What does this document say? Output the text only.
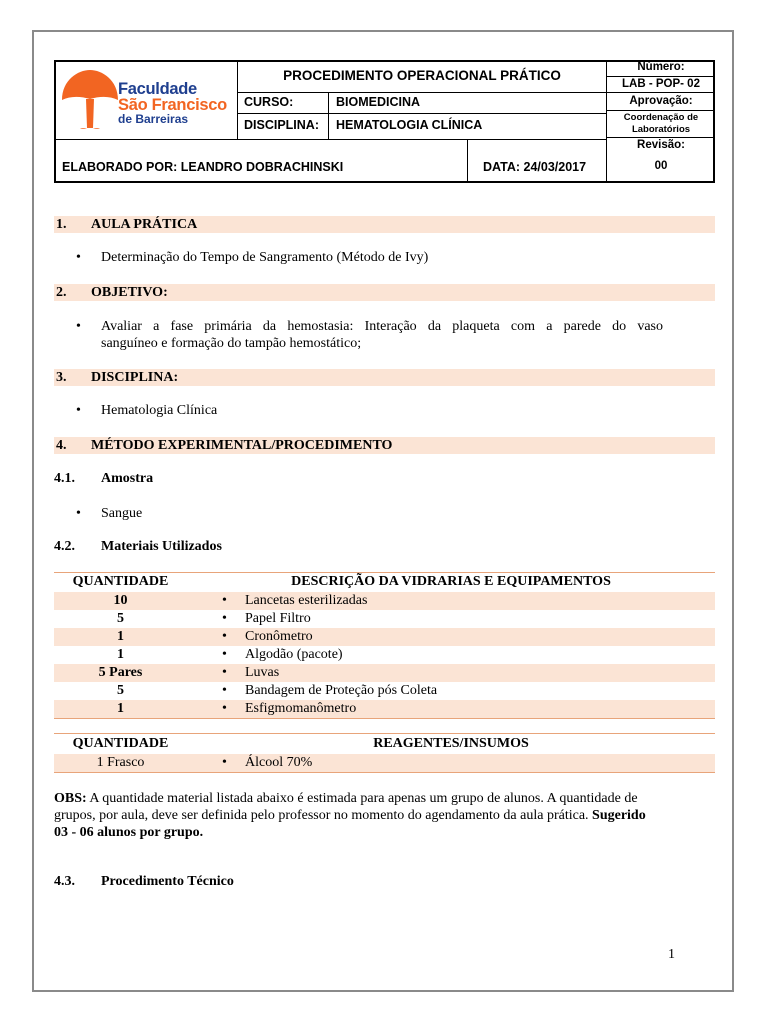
Faculdade
São Francisco
de Barreiras
PROCEDIMENTO OPERACIONAL PRÁTICO
CURSO:	BIOMEDICINA
DISCIPLINA: HEMATOLOGIA CLÍNICA
Número:
LAB - POP- 02
Aprovação:
Coordenação de
Laboratórios
Revisão:
00
ELABORADO POR: LEANDRO DOBRACHINSKI	DATA: 24/03/2017
1. AULA PRÁTICA
• Determinação do Tempo de Sangramento (Método de Ivy)
2. OBJETIVO:
• Avaliar a fase primária da hemostasia: Interação da plaqueta com a parede do vaso
sanguíneo e formação do tampão hemostático;
3. DISCIPLINA:
• Hematologia Clínica
4. MÉTODO EXPERIMENTAL/PROCEDIMENTO
4.1. Amostra
• Sangue
4.2. Materiais Utilizados
QUANTIDADE	DESCRIÇÃO DA VIDRARIAS E EQUIPAMENTOS
10	• Lancetas esterilizadas
5	• Papel Filtro
1	• Cronômetro
1	• Algodão (pacote)
5 Pares	• Luvas
5	• Bandagem de Proteção pós Coleta
1	• Esfigmomanômetro
QUANTIDADE	REAGENTES/INSUMOS
1 Frasco	• Álcool 70%
OBS: A quantidade material listada abaixo é estimada para apenas um grupo de alunos. A quantidade de
grupos, por aula, deve ser definida pelo professor no momento do agendamento da aula prática. Sugerido
03 - 06 alunos por grupo.
4.3. Procedimento Técnico
1
